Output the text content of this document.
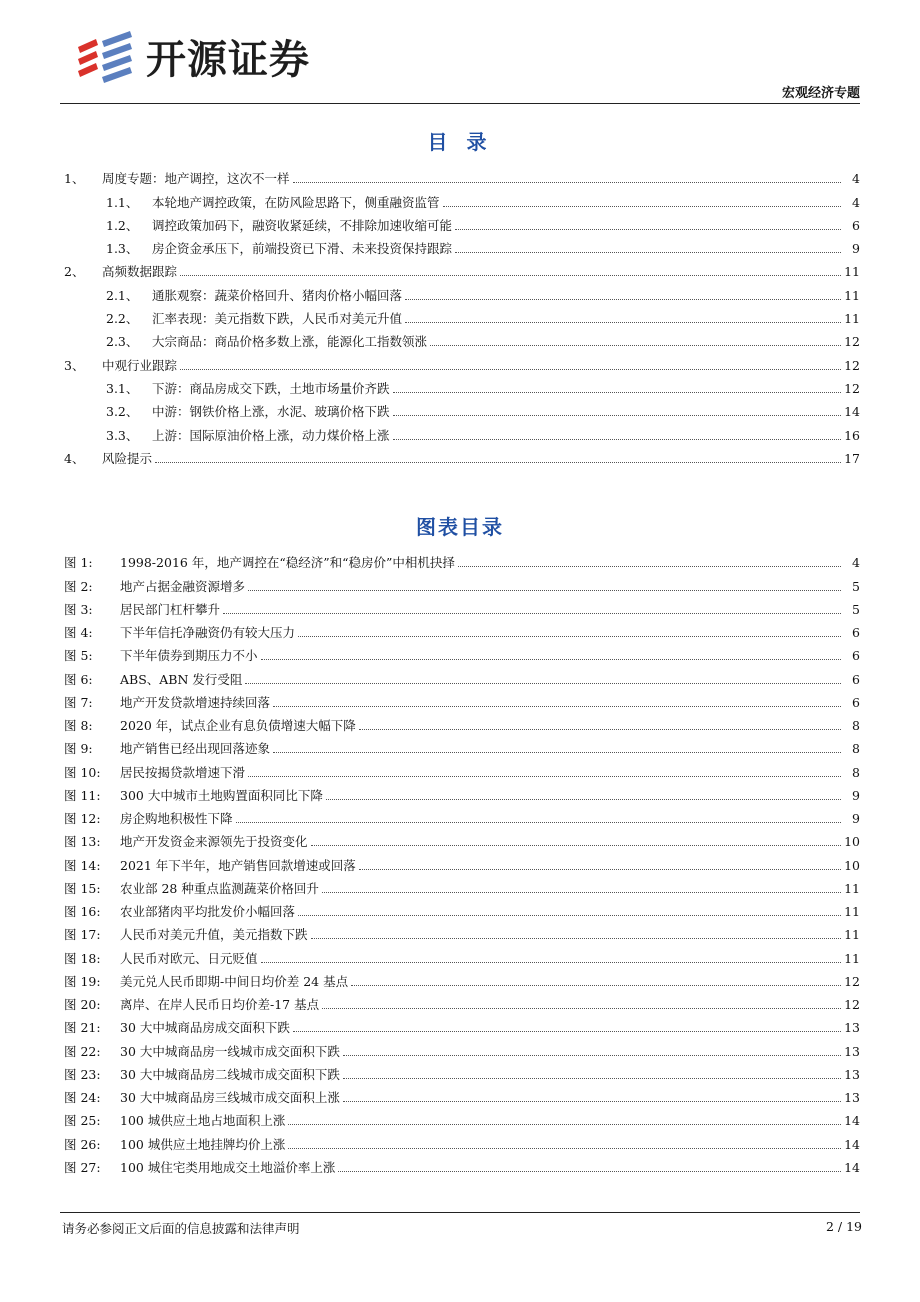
开源证券
宏观经济专题
目 录
1、	周度专题：地产调控，这次不一样	4
1.1、	本轮地产调控政策，在防风险思路下，侧重融资监管	4
1.2、	调控政策加码下，融资收紧延续，不排除加速收缩可能	6
1.3、	房企资金承压下，前端投资已下滑、未来投资保持跟踪	9
2、	高频数据跟踪	11
2.1、	通胀观察：蔬菜价格回升、猪肉价格小幅回落	11
2.2、	汇率表现：美元指数下跌，人民币对美元升值	11
2.3、	大宗商品：商品价格多数上涨，能源化工指数领涨	12
3、	中观行业跟踪	12
3.1、	下游：商品房成交下跌，土地市场量价齐跌	12
3.2、	中游：钢铁价格上涨，水泥、玻璃价格下跌	14
3.3、	上游：国际原油价格上涨，动力煤价格上涨	16
4、	风险提示	17
图表目录
图 1:	1998-2016 年，地产调控在“稳经济”和“稳房价”中相机抉择	4
图 2:	地产占据金融资源增多	5
图 3:	居民部门杠杆攀升	5
图 4:	下半年信托净融资仍有较大压力	6
图 5:	下半年债券到期压力不小	6
图 6:	ABS、ABN 发行受阻	6
图 7:	地产开发贷款增速持续回落	6
图 8:	2020 年，试点企业有息负债增速大幅下降	8
图 9:	地产销售已经出现回落迹象	8
图 10:	居民按揭贷款增速下滑	8
图 11:	300 大中城市土地购置面积同比下降	9
图 12:	房企购地积极性下降	9
图 13:	地产开发资金来源领先于投资变化	10
图 14:	2021 年下半年，地产销售回款增速或回落	10
图 15:	农业部 28 种重点监测蔬菜价格回升	11
图 16:	农业部猪肉平均批发价小幅回落	11
图 17:	人民币对美元升值，美元指数下跌	11
图 18:	人民币对欧元、日元贬值	11
图 19:	美元兑人民币即期-中间日均价差 24 基点	12
图 20:	离岸、在岸人民币日均价差-17 基点	12
图 21:	30 大中城商品房成交面积下跌	13
图 22:	30 大中城商品房一线城市成交面积下跌	13
图 23:	30 大中城商品房二线城市成交面积下跌	13
图 24:	30 大中城商品房三线城市成交面积上涨	13
图 25:	100 城供应土地占地面积上涨	14
图 26:	100 城供应土地挂牌均价上涨	14
图 27:	100 城住宅类用地成交土地溢价率上涨	14
请务必参阅正文后面的信息披露和法律声明	2 / 19
